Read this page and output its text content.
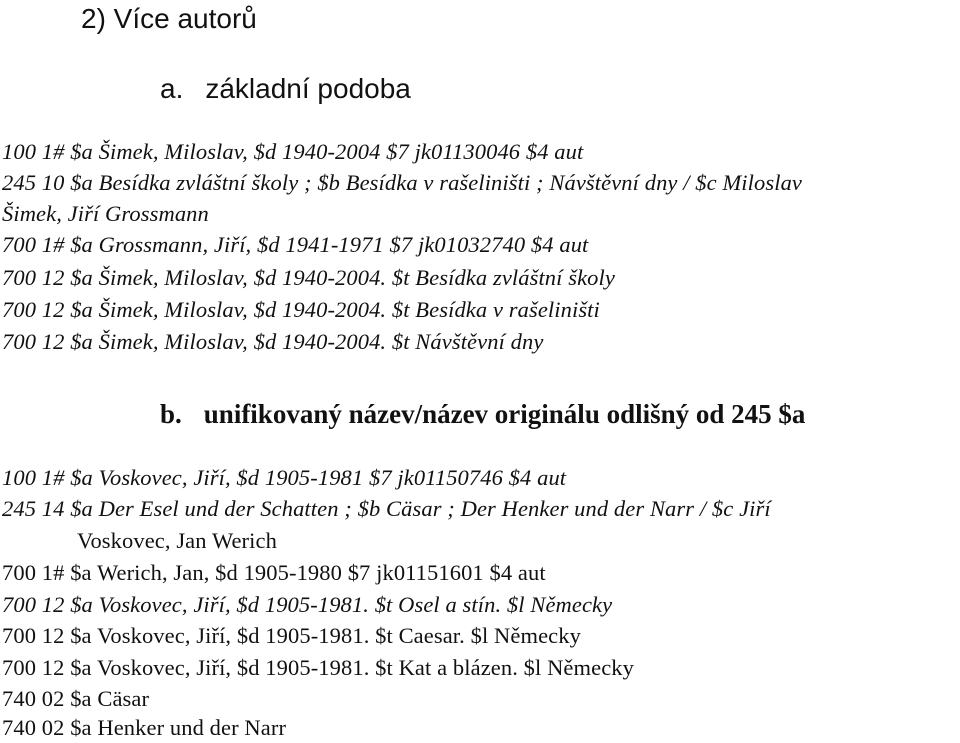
2) Více autorů
a. základní podoba
100 1# $a Šimek, Miloslav, $d 1940-2004 $7 jk01130046 $4 aut
245 10 $a Besídka zvláštní školy ; $b Besídka v rašeliništi ; Návštěvní dny / $c Miloslav
Šimek, Jiří Grossmann
700 1# $a Grossmann, Jiří, $d 1941-1971 $7 jk01032740 $4 aut
700 12 $a Šimek, Miloslav, $d 1940-2004. $t Besídka zvláštní školy
700 12 $a Šimek, Miloslav, $d 1940-2004. $t Besídka v rašeliništi
700 12 $a Šimek, Miloslav, $d 1940-2004. $t Návštěvní dny
b. unifikovaný název/název originálu odlišný od 245 $a
100 1# $a Voskovec, Jiří, $d 1905-1981 $7 jk01150746 $4 aut
245 14 $a Der Esel und der Schatten ; $b Cäsar ; Der Henker und der Narr / $c Jiří
Voskovec, Jan Werich
700 1# $a Werich, Jan, $d 1905-1980 $7 jk01151601 $4 aut
700 12 $a Voskovec, Jiří, $d 1905-1981. $t Osel a stín. $l Německy
700 12 $a Voskovec, Jiří, $d 1905-1981. $t Caesar. $l Německy
700 12 $a Voskovec, Jiří, $d 1905-1981. $t Kat a blázen. $l Německy
740 02 $a Cäsar
740 02 $a Henker und der Narr
